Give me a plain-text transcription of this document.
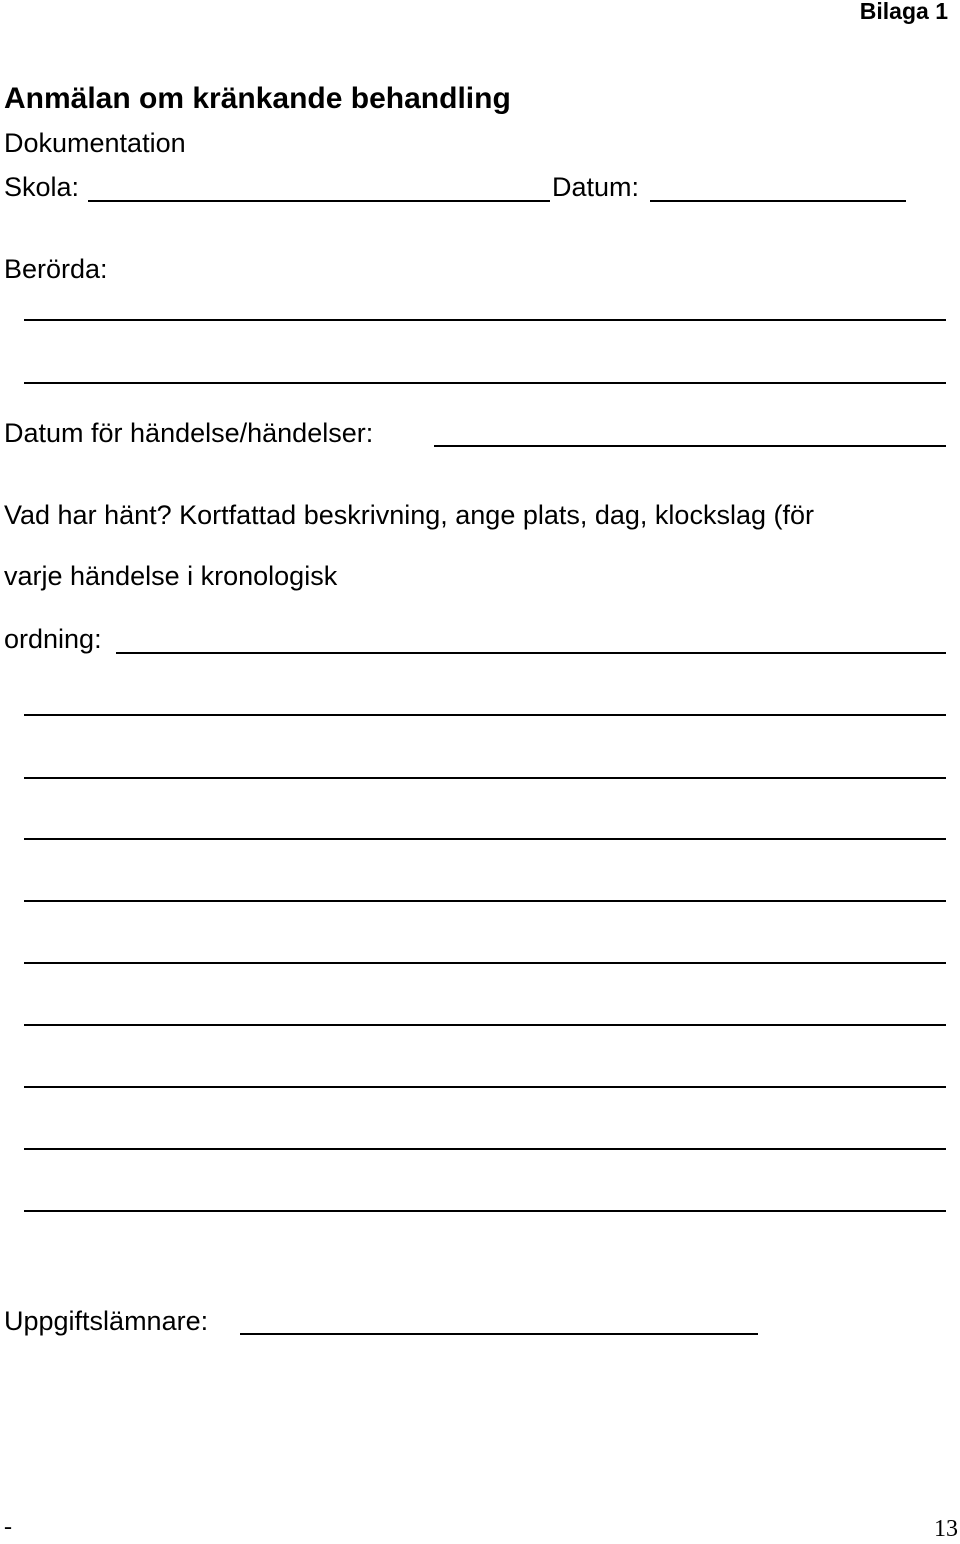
Bilaga 1
Anmälan om kränkande behandling
Dokumentation
Skola:	Datum:
Berörda:
Datum för händelse/händelser:
Vad har hänt? Kortfattad beskrivning, ange plats, dag, klockslag (för
varje händelse i kronologisk
ordning:
Uppgiftslämnare:
-	13
